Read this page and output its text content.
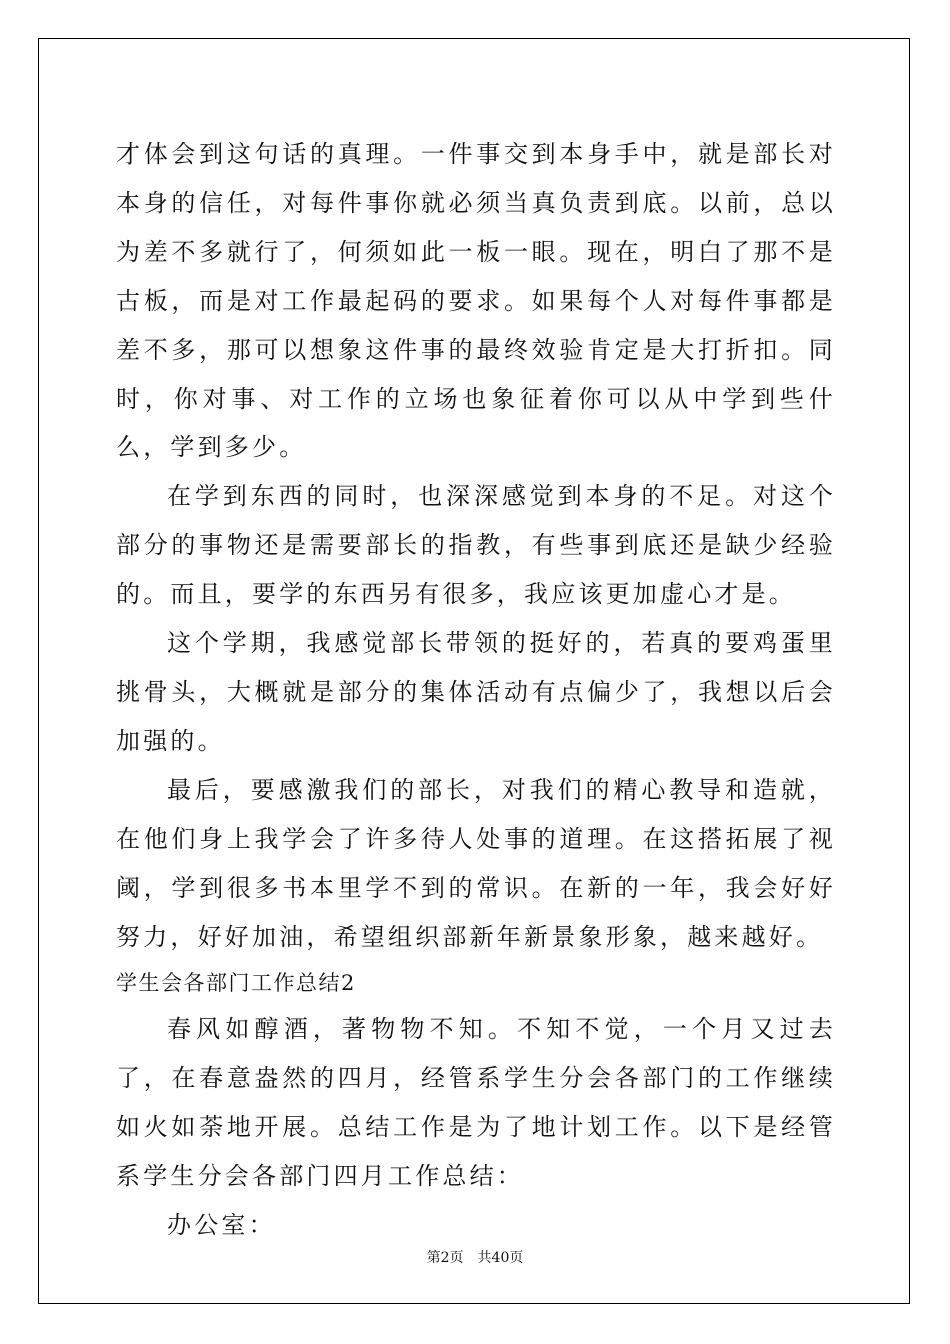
才体会到这句话的真理。一件事交到本身手中，就是部长对本身的信任，对每件事你就必须当真负责到底。以前，总以为差不多就行了，何须如此一板一眼。现在，明白了那不是古板，而是对工作最起码的要求。如果每个人对每件事都是差不多，那可以想象这件事的最终效验肯定是大打折扣。同时，你对事、对工作的立场也象征着你可以从中学到些什么，学到多少。

在学到东西的同时，也深深感觉到本身的不足。对这个部分的事物还是需要部长的指教，有些事到底还是缺少经验的。而且，要学的东西另有很多，我应该更加虚心才是。

这个学期，我感觉部长带领的挺好的，若真的要鸡蛋里挑骨头，大概就是部分的集体活动有点偏少了，我想以后会加强的。

最后，要感激我们的部长，对我们的精心教导和造就，在他们身上我学会了许多待人处事的道理。在这搭拓展了视阈，学到很多书本里学不到的常识。在新的一年，我会好好努力，好好加油，希望组织部新年新景象形象，越来越好。

学生会各部门工作总结2

春风如醇酒，著物物不知。不知不觉，一个月又过去了，在春意盎然的四月，经管系学生分会各部门的工作继续如火如荼地开展。总结工作是为了地计划工作。以下是经管系学生分会各部门四月工作总结：

办公室：

第2页 共40页
